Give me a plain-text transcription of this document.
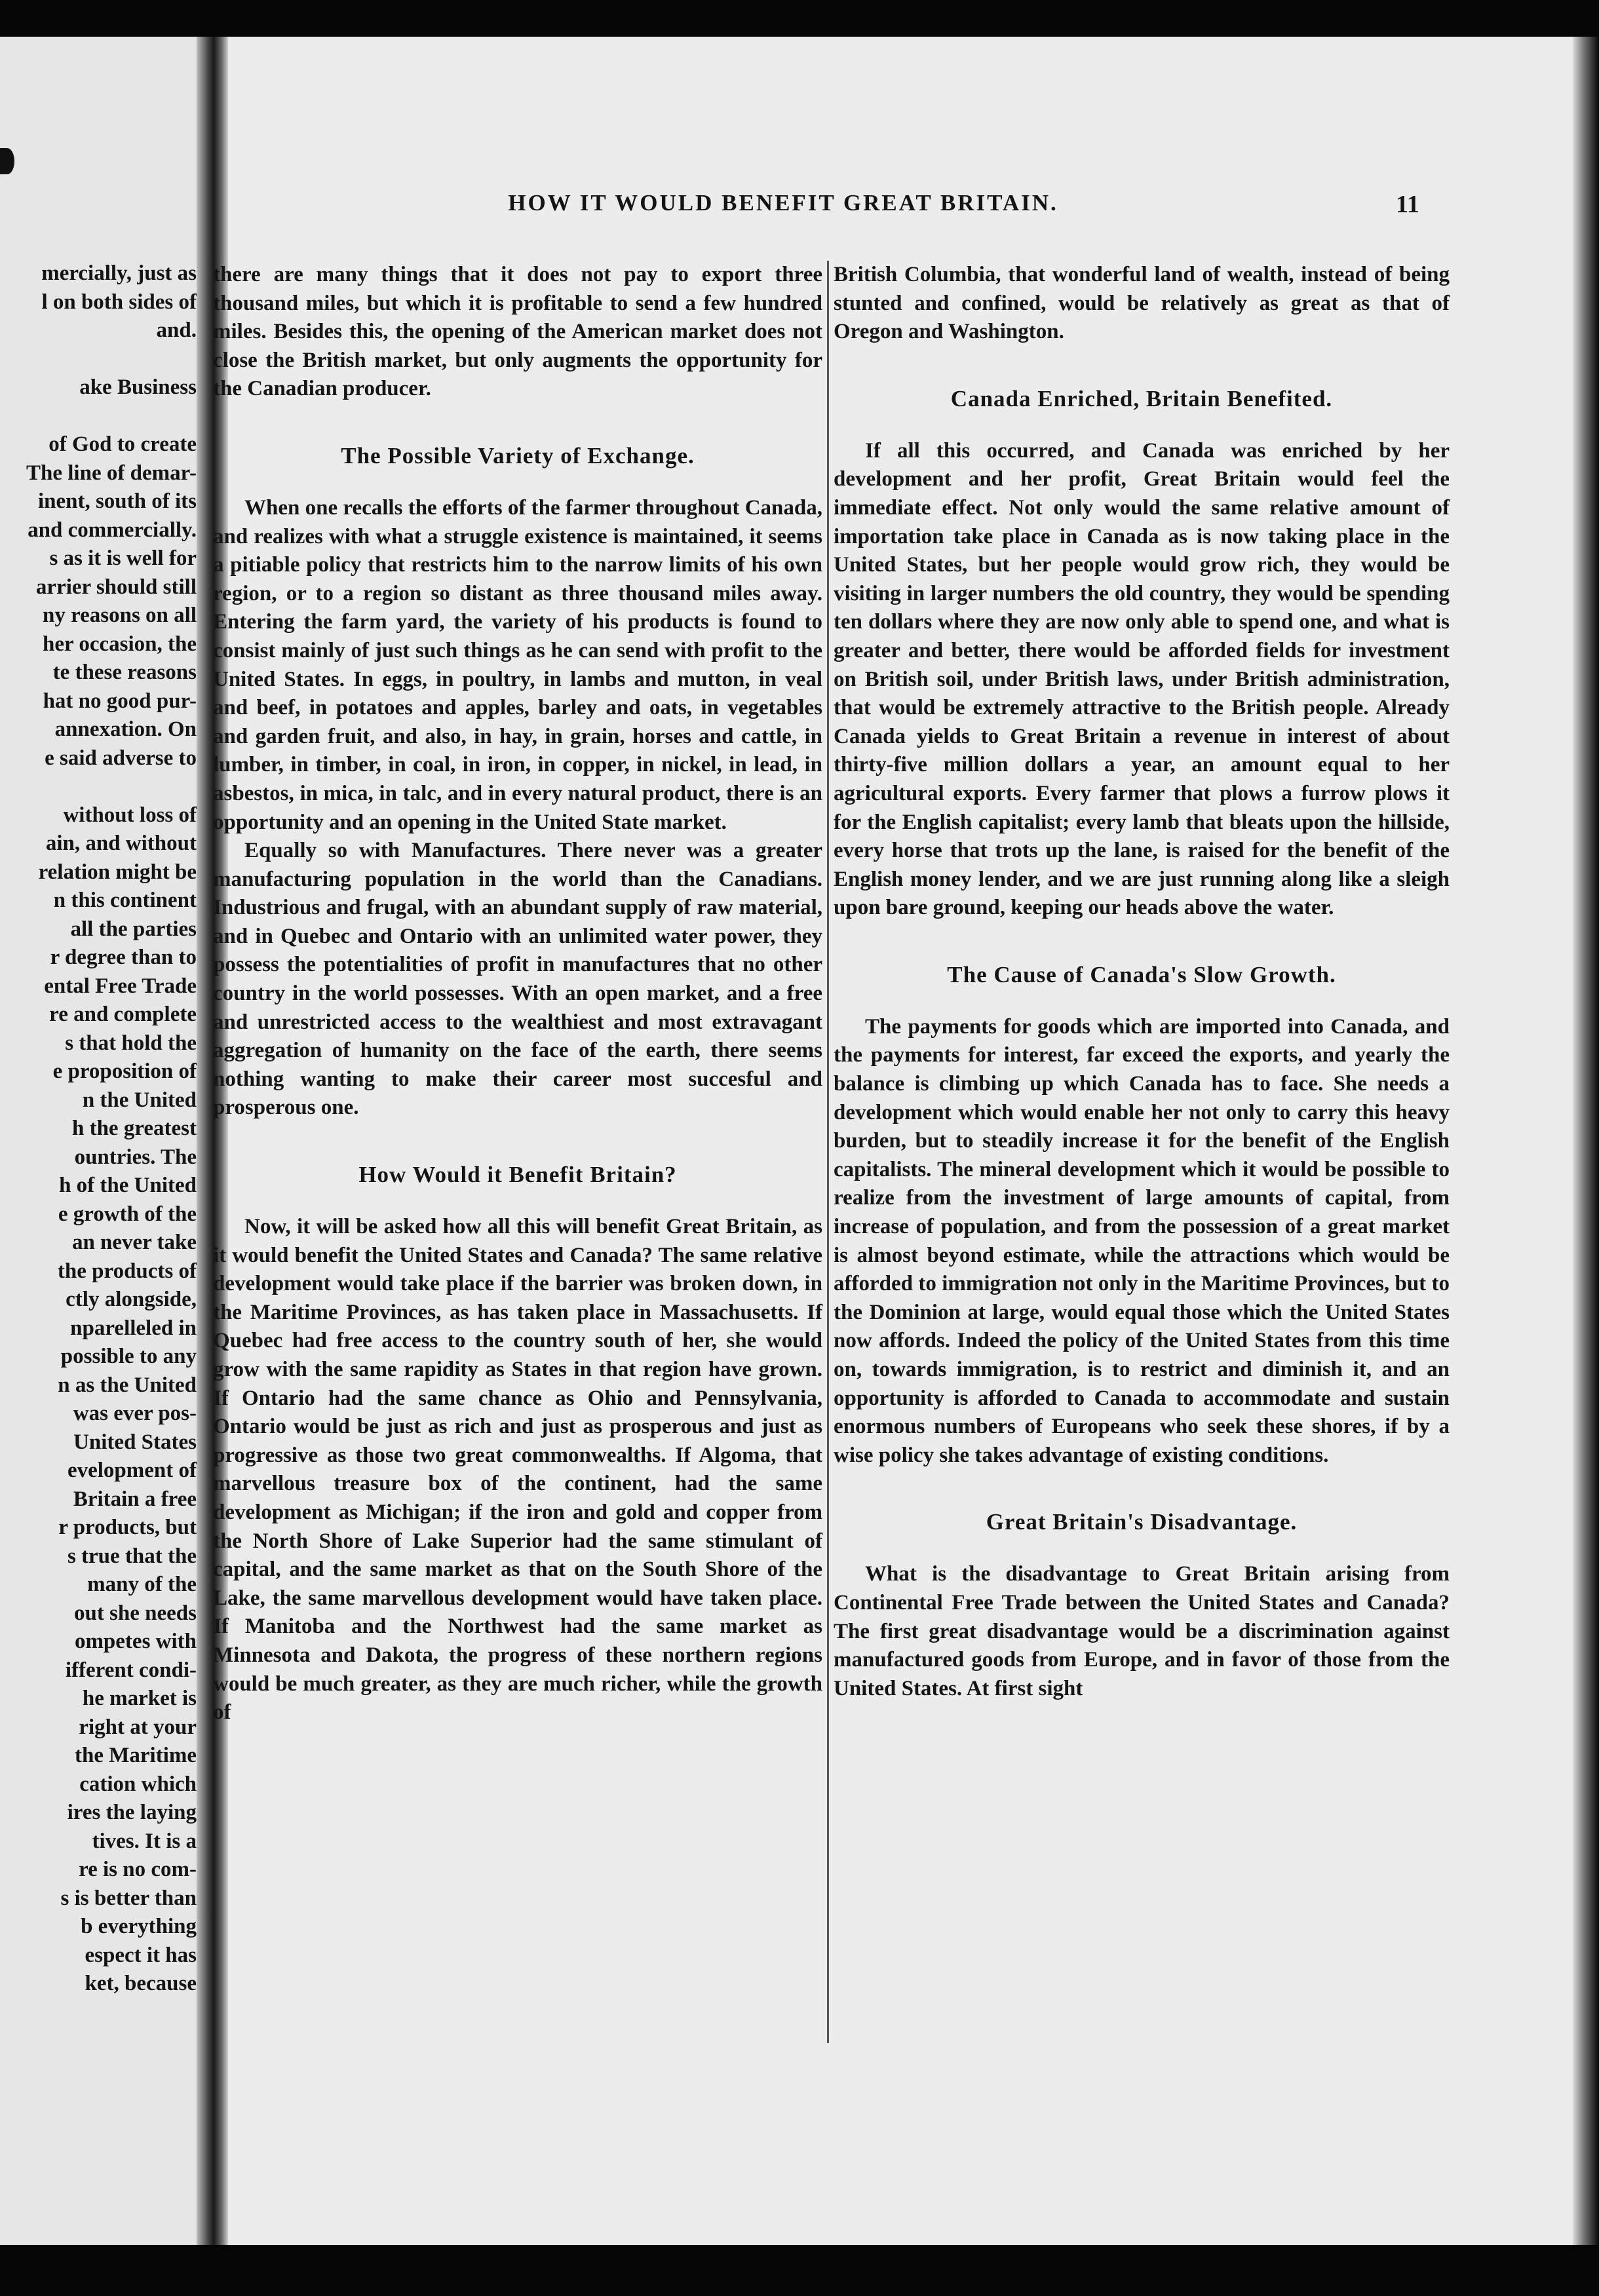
mercially, just as
l on both sides of
and.

ake Business

of God to create
The line of demar-
inent, south of its
and commercially.
s as it is well for
arrier should still
ny reasons on all
her occasion, the
te these reasons
hat no good pur-
annexation. On
e said adverse to

without loss of
ain, and without
relation might be
n this continent
all the parties
r degree than to
ental Free Trade
re and complete
s that hold the
e proposition of
n the United
h the greatest
ountries. The
h of the United
e growth of the
an never take
the products of
ctly alongside,
nparelleled in
possible to any
n as the United
was ever pos-
United States
evelopment of
Britain a free
r products, but
s true that the
many of the
out she needs
ompetes with
ifferent condi-
he market is
right at your
the Maritime
cation which
ires the laying
tives. It is a
re is no com-
s is better than
b everything
espect it has
ket, because
HOW IT WOULD BENEFIT GREAT BRITAIN.	11

there are many things that it does not pay to export three thousand miles, but which it is profitable to send a few hundred miles. Besides this, the opening of the American market does not close the British market, but only augments the opportunity for the Canadian producer.

The Possible Variety of Exchange.

When one recalls the efforts of the farmer throughout Canada, and realizes with what a struggle existence is maintained, it seems a pitiable policy that restricts him to the narrow limits of his own region, or to a region so distant as three thousand miles away. Entering the farm yard, the variety of his products is found to consist mainly of just such things as he can send with profit to the United States. In eggs, in poultry, in lambs and mutton, in veal and beef, in potatoes and apples, barley and oats, in vegetables and garden fruit, and also, in hay, in grain, horses and cattle, in lumber, in timber, in coal, in iron, in copper, in nickel, in lead, in asbestos, in mica, in talc, and in every natural product, there is an opportunity and an opening in the United State market.

Equally so with Manufactures. There never was a greater manufacturing population in the world than the Canadians. Industrious and frugal, with an abundant supply of raw material, and in Quebec and Ontario with an unlimited water power, they possess the potentialities of profit in manufactures that no other country in the world possesses. With an open market, and a free and unrestricted access to the wealthiest and most extravagant aggregation of humanity on the face of the earth, there seems nothing wanting to make their career most succesful and prosperous one.

How Would it Benefit Britain?

Now, it will be asked how all this will benefit Great Britain, as it would benefit the United States and Canada? The same relative development would take place if the barrier was broken down, in the Maritime Provinces, as has taken place in Massachusetts. If Quebec had free access to the country south of her, she would grow with the same rapidity as States in that region have grown. If Ontario had the same chance as Ohio and Pennsylvania, Ontario would be just as rich and just as prosperous and just as progressive as those two great commonwealths. If Algoma, that marvellous treasure box of the continent, had the same development as Michigan; if the iron and gold and copper from the North Shore of Lake Superior had the same stimulant of capital, and the same market as that on the South Shore of the Lake, the same marvellous development would have taken place. If Manitoba and the Northwest had the same market as Minnesota and Dakota, the progress of these northern regions would be much greater, as they are much richer, while the growth of

British Columbia, that wonderful land of wealth, instead of being stunted and confined, would be relatively as great as that of Oregon and Washington.

Canada Enriched, Britain Benefited.

If all this occurred, and Canada was enriched by her development and her profit, Great Britain would feel the immediate effect. Not only would the same relative amount of importation take place in Canada as is now taking place in the United States, but her people would grow rich, they would be visiting in larger numbers the old country, they would be spending ten dollars where they are now only able to spend one, and what is greater and better, there would be afforded fields for investment on British soil, under British laws, under British administration, that would be extremely attractive to the British people. Already Canada yields to Great Britain a revenue in interest of about thirty-five million dollars a year, an amount equal to her agricultural exports. Every farmer that plows a furrow plows it for the English capitalist; every lamb that bleats upon the hillside, every horse that trots up the lane, is raised for the benefit of the English money lender, and we are just running along like a sleigh upon bare ground, keeping our heads above the water.

The Cause of Canada's Slow Growth.

The payments for goods which are imported into Canada, and the payments for interest, far exceed the exports, and yearly the balance is climbing up which Canada has to face. She needs a development which would enable her not only to carry this heavy burden, but to steadily increase it for the benefit of the English capitalists. The mineral development which it would be possible to realize from the investment of large amounts of capital, from increase of population, and from the possession of a great market is almost beyond estimate, while the attractions which would be afforded to immigration not only in the Maritime Provinces, but to the Dominion at large, would equal those which the United States now affords. Indeed the policy of the United States from this time on, towards immigration, is to restrict and diminish it, and an opportunity is afforded to Canada to accommodate and sustain enormous numbers of Europeans who seek these shores, if by a wise policy she takes advantage of existing conditions.

Great Britain's Disadvantage.

What is the disadvantage to Great Britain arising from Continental Free Trade between the United States and Canada? The first great disadvantage would be a discrimination against manufactured goods from Europe, and in favor of those from the United States. At first sight
